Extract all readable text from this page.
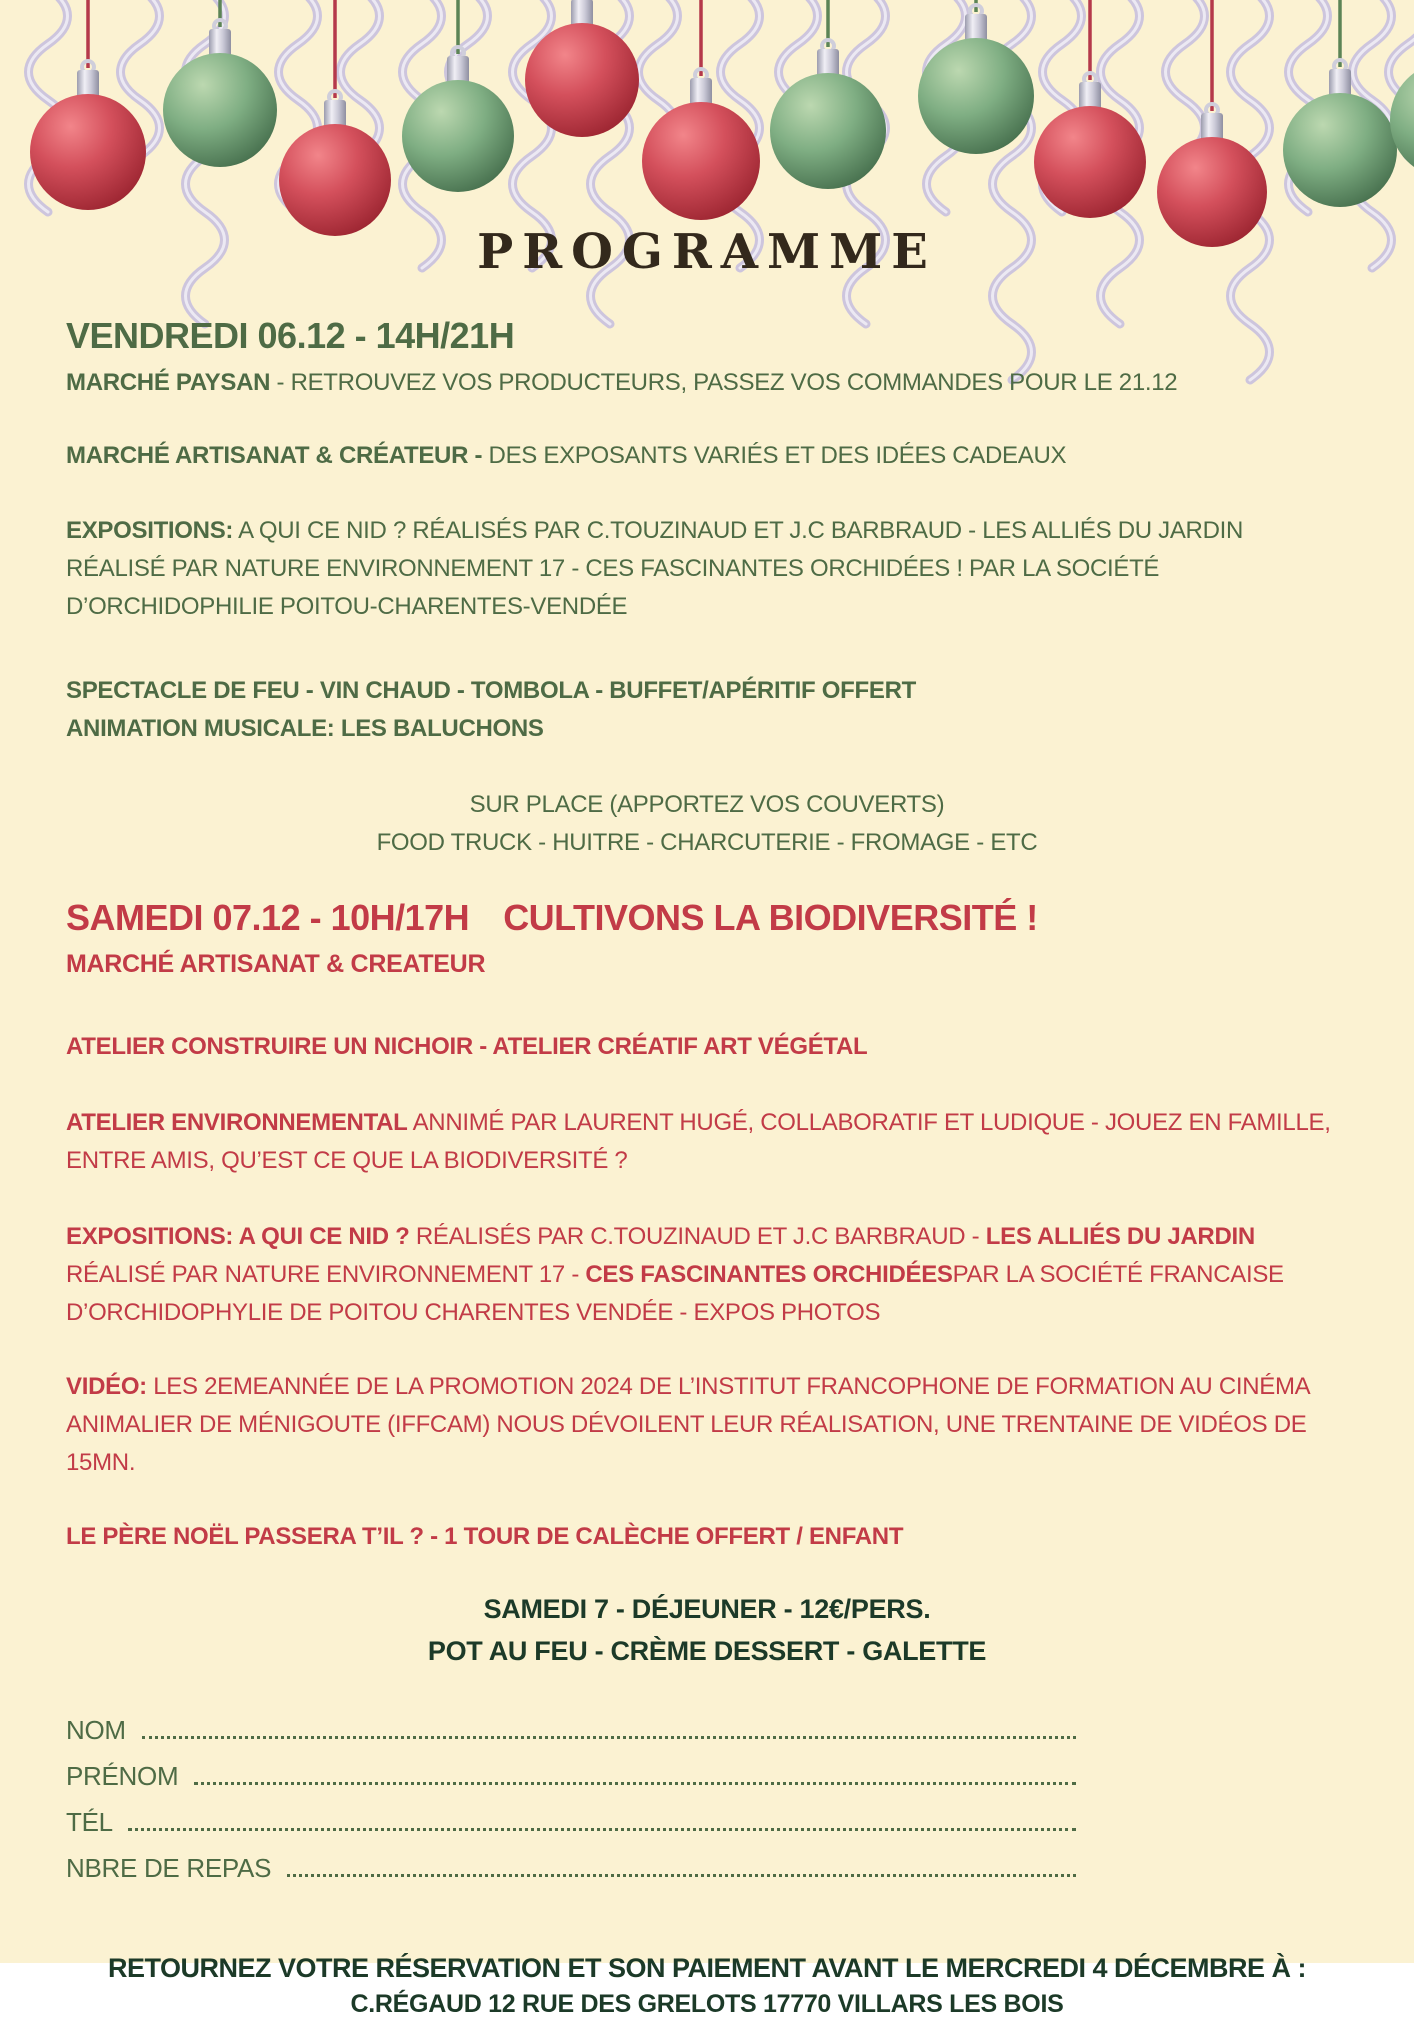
PROGRAMME
VENDREDI 06.12 - 14H/21H

MARCHÉ PAYSAN - RETROUVEZ VOS PRODUCTEURS, PASSEZ VOS COMMANDES POUR LE 21.12

MARCHÉ ARTISANAT & CRÉATEUR - DES EXPOSANTS VARIÉS ET DES IDÉES CADEAUX

EXPOSITIONS: A QUI CE NID ? RÉALISÉS PAR C.TOUZINAUD ET J.C BARBRAUD - LES ALLIÉS DU JARDIN RÉALISÉ PAR NATURE ENVIRONNEMENT 17 - CES FASCINANTES ORCHIDÉES ! PAR LA SOCIÉTÉ D’ORCHIDOPHILIE POITOU-CHARENTES-VENDÉE

SPECTACLE DE FEU - VIN CHAUD - TOMBOLA - BUFFET/APÉRITIF OFFERT
ANIMATION MUSICALE: LES BALUCHONS

SUR PLACE (APPORTEZ VOS COUVERTS)
FOOD TRUCK - HUITRE - CHARCUTERIE - FROMAGE - ETC

SAMEDI 07.12 - 10H/17H CULTIVONS LA BIODIVERSITÉ !

MARCHÉ ARTISANAT & CREATEUR

ATELIER CONSTRUIRE UN NICHOIR - ATELIER CRÉATIF ART VÉGÉTAL

ATELIER ENVIRONNEMENTAL ANNIMÉ PAR LAURENT HUGÉ, COLLABORATIF ET LUDIQUE - JOUEZ EN FAMILLE, ENTRE AMIS, QU’EST CE QUE LA BIODIVERSITÉ ?

EXPOSITIONS: A QUI CE NID ? RÉALISÉS PAR C.TOUZINAUD ET J.C BARBRAUD - LES ALLIÉS DU JARDIN RÉALISÉ PAR NATURE ENVIRONNEMENT 17 - CES FASCINANTES ORCHIDÉESPAR LA SOCIÉTÉ FRANCAISE D’ORCHIDOPHYLIE DE POITOU CHARENTES VENDÉE - EXPOS PHOTOS

VIDÉO: LES 2EMEANNÉE DE LA PROMOTION 2024 DE L’INSTITUT FRANCOPHONE DE FORMATION AU CINÉMA ANIMALIER DE MÉNIGOUTE (IFFCAM) NOUS DÉVOILENT LEUR RÉALISATION, UNE TRENTAINE DE VIDÉOS DE 15MN.

LE PÈRE NOËL PASSERA T’IL ? - 1 TOUR DE CALÈCHE OFFERT / ENFANT

SAMEDI 7 - DÉJEUNER - 12€/PERS.
POT AU FEU - CRÈME DESSERT - GALETTE

NOM
PRÉNOM
TÉL
NBRE DE REPAS

RETOURNEZ VOTRE RÉSERVATION ET SON PAIEMENT AVANT LE MERCREDI 4 DÉCEMBRE À :

C.RÉGAUD 12 RUE DES GRELOTS 17770 VILLARS LES BOIS
